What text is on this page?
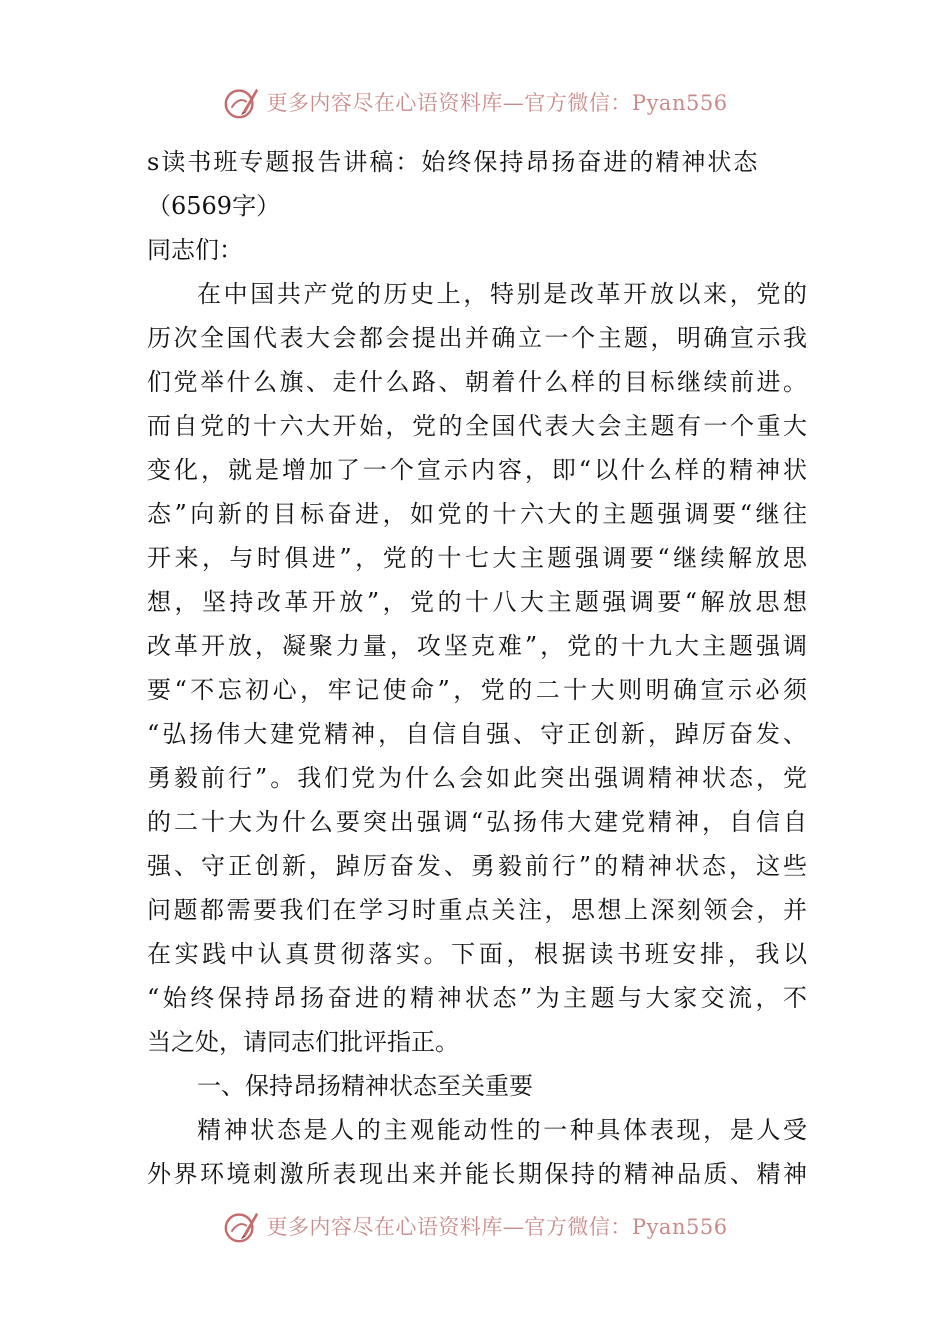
更多内容尽在心语资料库—官方微信：Pyan556
s读书班专题报告讲稿：始终保持昂扬奋进的精神状态
（6569字）
同志们：
在中国共产党的历史上，特别是改革开放以来，党的
历次全国代表大会都会提出并确立一个主题，明确宣示我
们党举什么旗、走什么路、朝着什么样的目标继续前进。
而自党的十六大开始，党的全国代表大会主题有一个重大
变化，就是增加了一个宣示内容，即“以什么样的精神状
态”向新的目标奋进，如党的十六大的主题强调要“继往
开来，与时俱进”，党的十七大主题强调要“继续解放思
想，坚持改革开放”，党的十八大主题强调要“解放思想
改革开放，凝聚力量，攻坚克难”，党的十九大主题强调
要“不忘初心，牢记使命”，党的二十大则明确宣示必须
“弘扬伟大建党精神，自信自强、守正创新，踔厉奋发、
勇毅前行”。我们党为什么会如此突出强调精神状态，党
的二十大为什么要突出强调“弘扬伟大建党精神，自信自
强、守正创新，踔厉奋发、勇毅前行”的精神状态，这些
问题都需要我们在学习时重点关注，思想上深刻领会，并
在实践中认真贯彻落实。下面，根据读书班安排，我以
“始终保持昂扬奋进的精神状态”为主题与大家交流，不
当之处，请同志们批评指正。
一、保持昂扬精神状态至关重要
精神状态是人的主观能动性的一种具体表现，是人受
外界环境刺激所表现出来并能长期保持的精神品质、精神
更多内容尽在心语资料库—官方微信：Pyan556
